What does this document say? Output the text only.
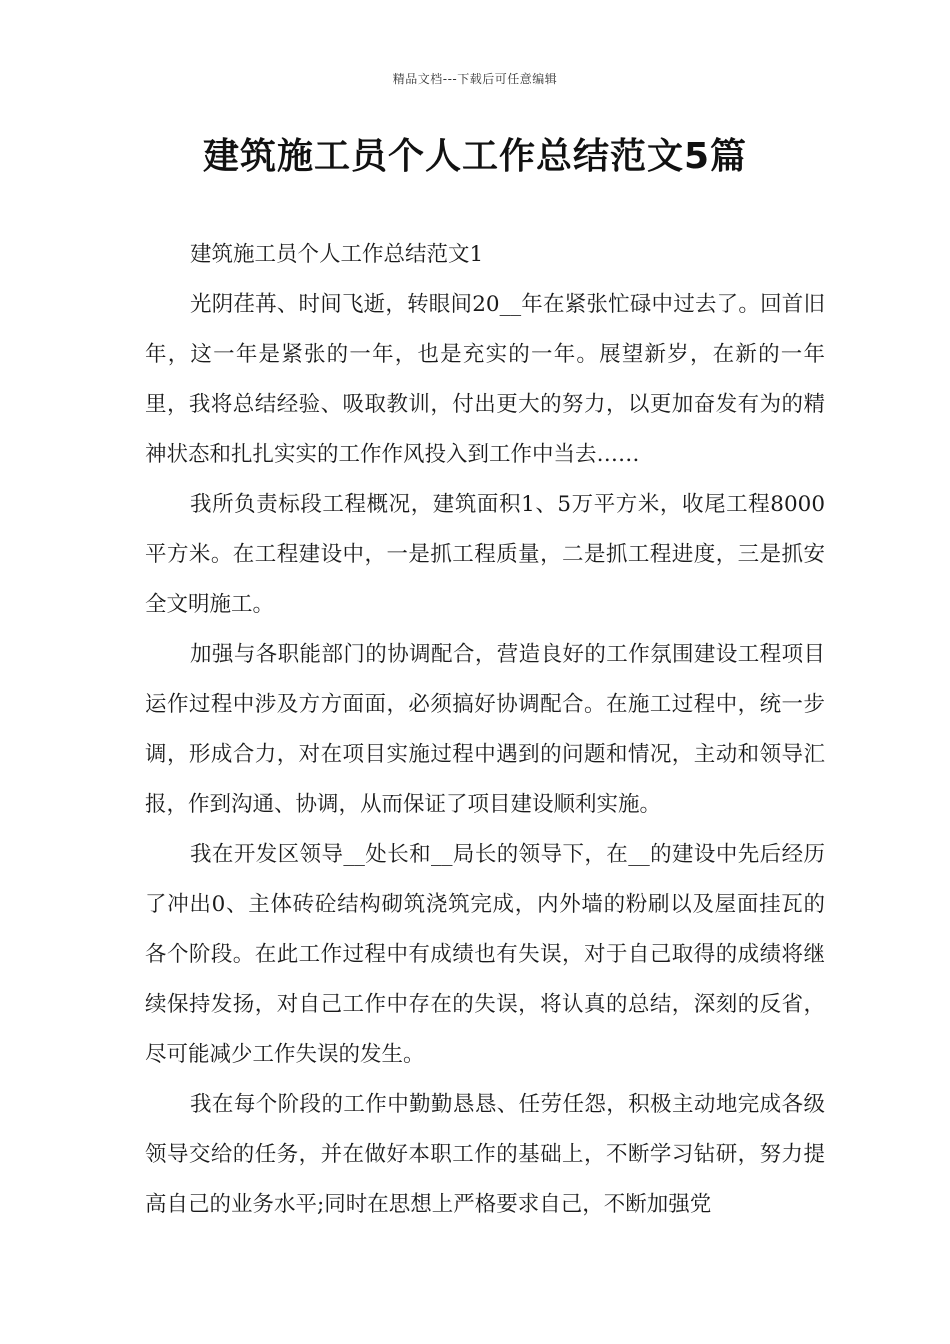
精品文档---下载后可任意编辑
建筑施工员个人工作总结范文5篇

建筑施工员个人工作总结范文1

光阴荏苒、时间飞逝，转眼间20__年在紧张忙碌中过去了。回首旧年，这一年是紧张的一年，也是充实的一年。展望新岁，在新的一年里，我将总结经验、吸取教训，付出更大的努力，以更加奋发有为的精神状态和扎扎实实的工作作风投入到工作中当去……

我所负责标段工程概况，建筑面积1、5万平方米，收尾工程8000平方米。在工程建设中，一是抓工程质量，二是抓工程进度，三是抓安全文明施工。

加强与各职能部门的协调配合，营造良好的工作氛围建设工程项目运作过程中涉及方方面面，必须搞好协调配合。在施工过程中，统一步调，形成合力，对在项目实施过程中遇到的问题和情况，主动和领导汇报，作到沟通、协调，从而保证了项目建设顺利实施。

我在开发区领导__处长和__局长的领导下，在__的建设中先后经历了冲出0、主体砖砼结构砌筑浇筑完成，内外墙的粉刷以及屋面挂瓦的各个阶段。在此工作过程中有成绩也有失误，对于自己取得的成绩将继续保持发扬，对自己工作中存在的失误，将认真的总结，深刻的反省，尽可能减少工作失误的发生。

我在每个阶段的工作中勤勤恳恳、任劳任怨，积极主动地完成各级领导交给的任务，并在做好本职工作的基础上，不断学习钻研，努力提高自己的业务水平;同时在思想上严格要求自己，不断加强党
